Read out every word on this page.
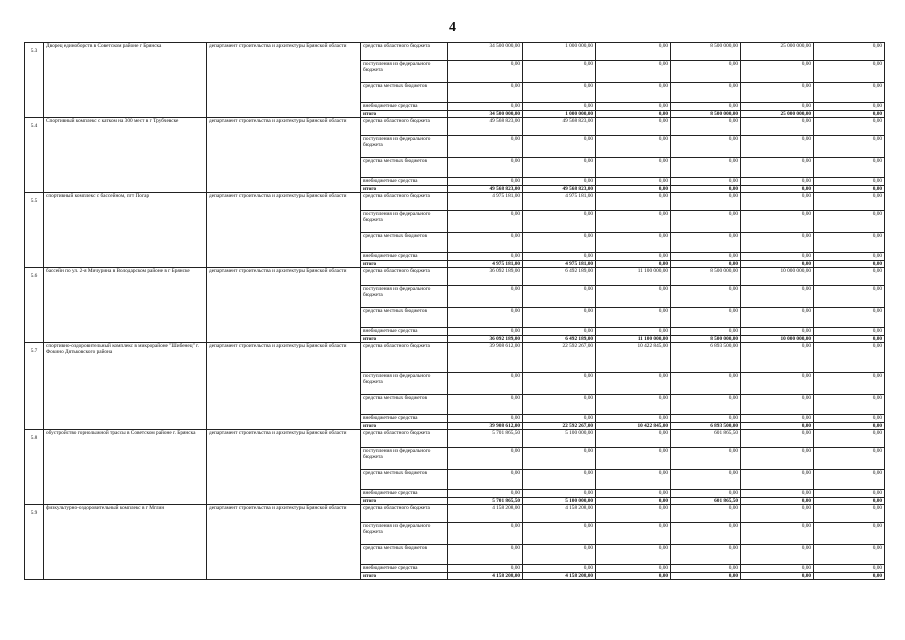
4
5.3	Дворец единоборств в Советском районе г Брянска	департамент строительства и архитектуры Брянской области	средства областного бюджета	34 500 000,00	1 000 000,00	0,00	8 500 000,00	25 000 000,00	0,00
			поступления из федерального бюджета	0,00	0,00	0,00	0,00	0,00	0,00
			средства местных бюджетов	0,00	0,00	0,00	0,00	0,00	0,00
			внебюджетные средства	0,00	0,00	0,00	0,00	0,00	0,00
			итого	34 500 000,00	1 000 000,00	0,00	8 500 000,00	25 000 000,00	0,00
5.4	Спортивный комплекс с катком на 300 мест в г Трубчевске	департамент строительства и архитектуры Брянской области	средства областного бюджета	49 568 823,00	49 568 823,00	0,00	0,00	0,00	0,00
			поступления из федерального бюджета	0,00	0,00	0,00	0,00	0,00	0,00
			средства местных бюджетов	0,00	0,00	0,00	0,00	0,00	0,00
			внебюджетные средства	0,00	0,00	0,00	0,00	0,00	0,00
			итого	49 568 823,00	49 568 823,00	0,00	0,00	0,00	0,00
5.5	спортивный комплекс с бассейном, пгт Погар	департамент строительства и архитектуры Брянской области	средства областного бюджета	4 975 181,00	4 975 181,00	0,00	0,00	0,00	0,00
			поступления из федерального бюджета	0,00	0,00	0,00	0,00	0,00	0,00
			средства местных бюджетов	0,00	0,00	0,00	0,00	0,00	0,00
			внебюджетные средства	0,00	0,00	0,00	0,00	0,00	0,00
			итого	4 975 181,00	4 975 181,00	0,00	0,00	0,00	0,00
5.6	бассейн по ул. 2-я Мичурина в Володарском районе в г Брянске	департамент строительства и архитектуры Брянской области	средства областного бюджета	36 092 189,00	6 492 189,00	11 100 000,00	8 500 000,00	10 000 000,00	0,00
			поступления из федерального бюджета	0,00	0,00	0,00	0,00	0,00	0,00
			средства местных бюджетов	0,00	0,00	0,00	0,00	0,00	0,00
			внебюджетные средства	0,00	0,00	0,00	0,00	0,00	0,00
			итого	36 092 189,00	6 492 189,00	11 100 000,00	8 500 000,00	10 000 000,00	0,00
5.7	спортивно-оздоровительный комплекс в микрорайоне "Шибенец" г. Фокино Дятьковского района	департамент строительства и архитектуры Брянской области	средства областного бюджета	39 908 612,00	22 592 267,00	10 422 845,00	6 893 500,00	0,00	0,00
			поступления из федерального бюджета	0,00	0,00	0,00	0,00	0,00	0,00
			средства местных бюджетов	0,00	0,00	0,00	0,00	0,00	0,00
			внебюджетные средства	0,00	0,00	0,00	0,00	0,00	0,00
			итого	39 908 612,00	22 592 267,00	10 422 845,00	6 893 500,00	0,00	0,00
5.8	обустройство горнолыжной трассы в Советском районе г. Брянска	департамент строительства и архитектуры Брянской области	средства областного бюджета	5 701 865,50	5 100 000,00	0,00	601 865,50	0,00	0,00
			поступления из федерального бюджета	0,00	0,00	0,00	0,00	0,00	0,00
			средства местных бюджетов	0,00	0,00	0,00	0,00	0,00	0,00
			внебюджетные средства	0,00	0,00	0,00	0,00	0,00	0,00
			итого	5 701 865,50	5 100 000,00	0,00	601 865,50	0,00	0,00
5.9	физкультурно-оздоровительный комплекс в г Мглин	департамент строительства и архитектуры Брянской области	средства областного бюджета	4 158 208,00	4 158 208,00	0,00	0,00	0,00	0,00
			поступления из федерального бюджета	0,00	0,00	0,00	0,00	0,00	0,00
			средства местных бюджетов	0,00	0,00	0,00	0,00	0,00	0,00
			внебюджетные средства	0,00	0,00	0,00	0,00	0,00	0,00
			итого	4 158 208,00	4 158 208,00	0,00	0,00	0,00	0,00
